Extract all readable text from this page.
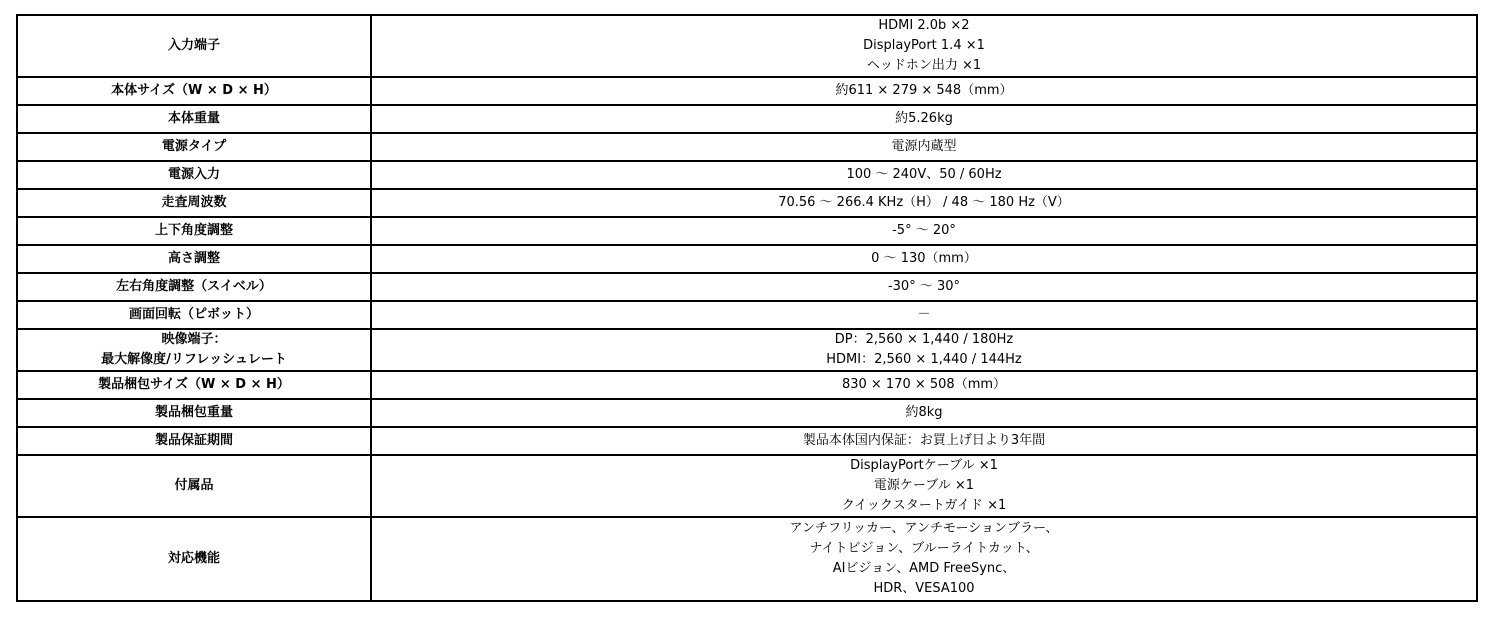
入力端子	HDMI 2.0b ×2
DisplayPort 1.4 ×1
ヘッドホン出力 ×1

本体サイズ（W × D × H）	約611 × 279 × 548（mm）

本体重量	約5.26kg

電源タイプ	電源内蔵型

電源入力	100 ～ 240V、50 / 60Hz

走査周波数	70.56 ～ 266.4 KHz（H） / 48 ～ 180 Hz（V）

上下角度調整	-5° ～ 20°

高さ調整	0 ～ 130（mm）

左右角度調整（スイベル）	-30° ～ 30°

画面回転（ピボット）	－

映像端子：
最大解像度/リフレッシュレート	DP：2,560 × 1,440 / 180Hz
HDMI：2,560 × 1,440 / 144Hz

製品梱包サイズ（W × D × H）	830 × 170 × 508（mm）

製品梱包重量	約8kg

製品保証期間	製品本体国内保証：お買上げ日より3年間

付属品	DisplayPortケーブル ×1
電源ケーブル ×1
クイックスタートガイド ×1

対応機能	アンチフリッカー、アンチモーションブラー、
ナイトビジョン、ブルーライトカット、
AIビジョン、AMD FreeSync、
HDR、VESA100
